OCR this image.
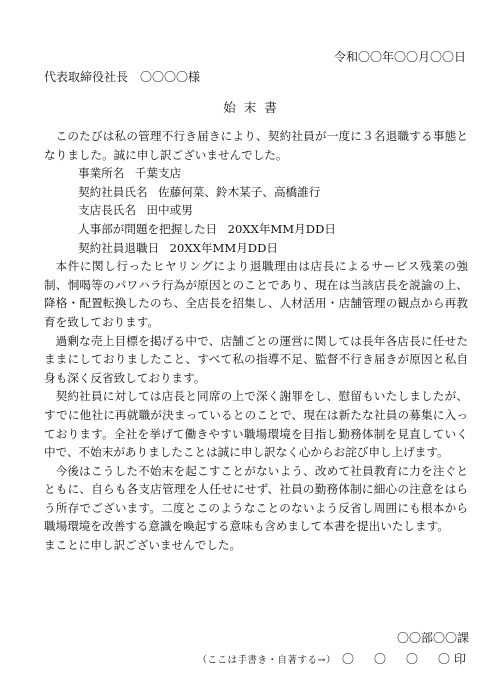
令和〇〇年〇〇月〇〇日
代表取締役社長　〇〇〇〇様
始末書

このたびは私の管理不行き届きにより、契約社員が一度に３名退職する事態となりました。誠に申し訳ございませんでした。

事業所名 千葉支店
契約社員氏名 佐藤何菜、鈴木某子、高橋誰行
支店長氏名 田中或男
人事部が問題を把握した日 20XX年MM月DD日
契約社員退職日 20XX年MM月DD日

本件に関し行ったヒヤリングにより退職理由は店長によるサービス残業の強制、恫喝等のパワハラ行為が原因とのことであり、現在は当該店長を説諭の上、降格・配置転換したのち、全店長を招集し、人材活用・店舗管理の観点から再教育を致しております。

過剰な売上目標を掲げる中で、店舗ごとの運営に関しては長年各店長に任せたままにしておりましたこと、すべて私の指導不足、監督不行き届きが原因と私自身も深く反省致しております。

契約社員に対しては店長と同席の上で深く謝罪をし、慰留もいたしましたが、すでに他社に再就職が決まっているとのことで、現在は新たな社員の募集に入っております。全社を挙げて働きやすい職場環境を目指し勤務体制を見直していく中で、不始末がありましたことは誠に申し訳なく心からお詫び申し上げます。

今後はこうした不始末を起こすことがないよう、改めて社員教育に力を注ぐとともに、自らも各支店管理を人任せにせず、社員の勤務体制に細心の注意をはらう所存でございます。二度とこのようなことのないよう反省し周囲にも根本から職場環境を改善する意識を喚起する意味も含めまして本書を提出いたします。

まことに申し訳ございませんでした。

〇〇部〇〇課
（ここは手書き・自著する→） 〇　〇　〇　〇印
